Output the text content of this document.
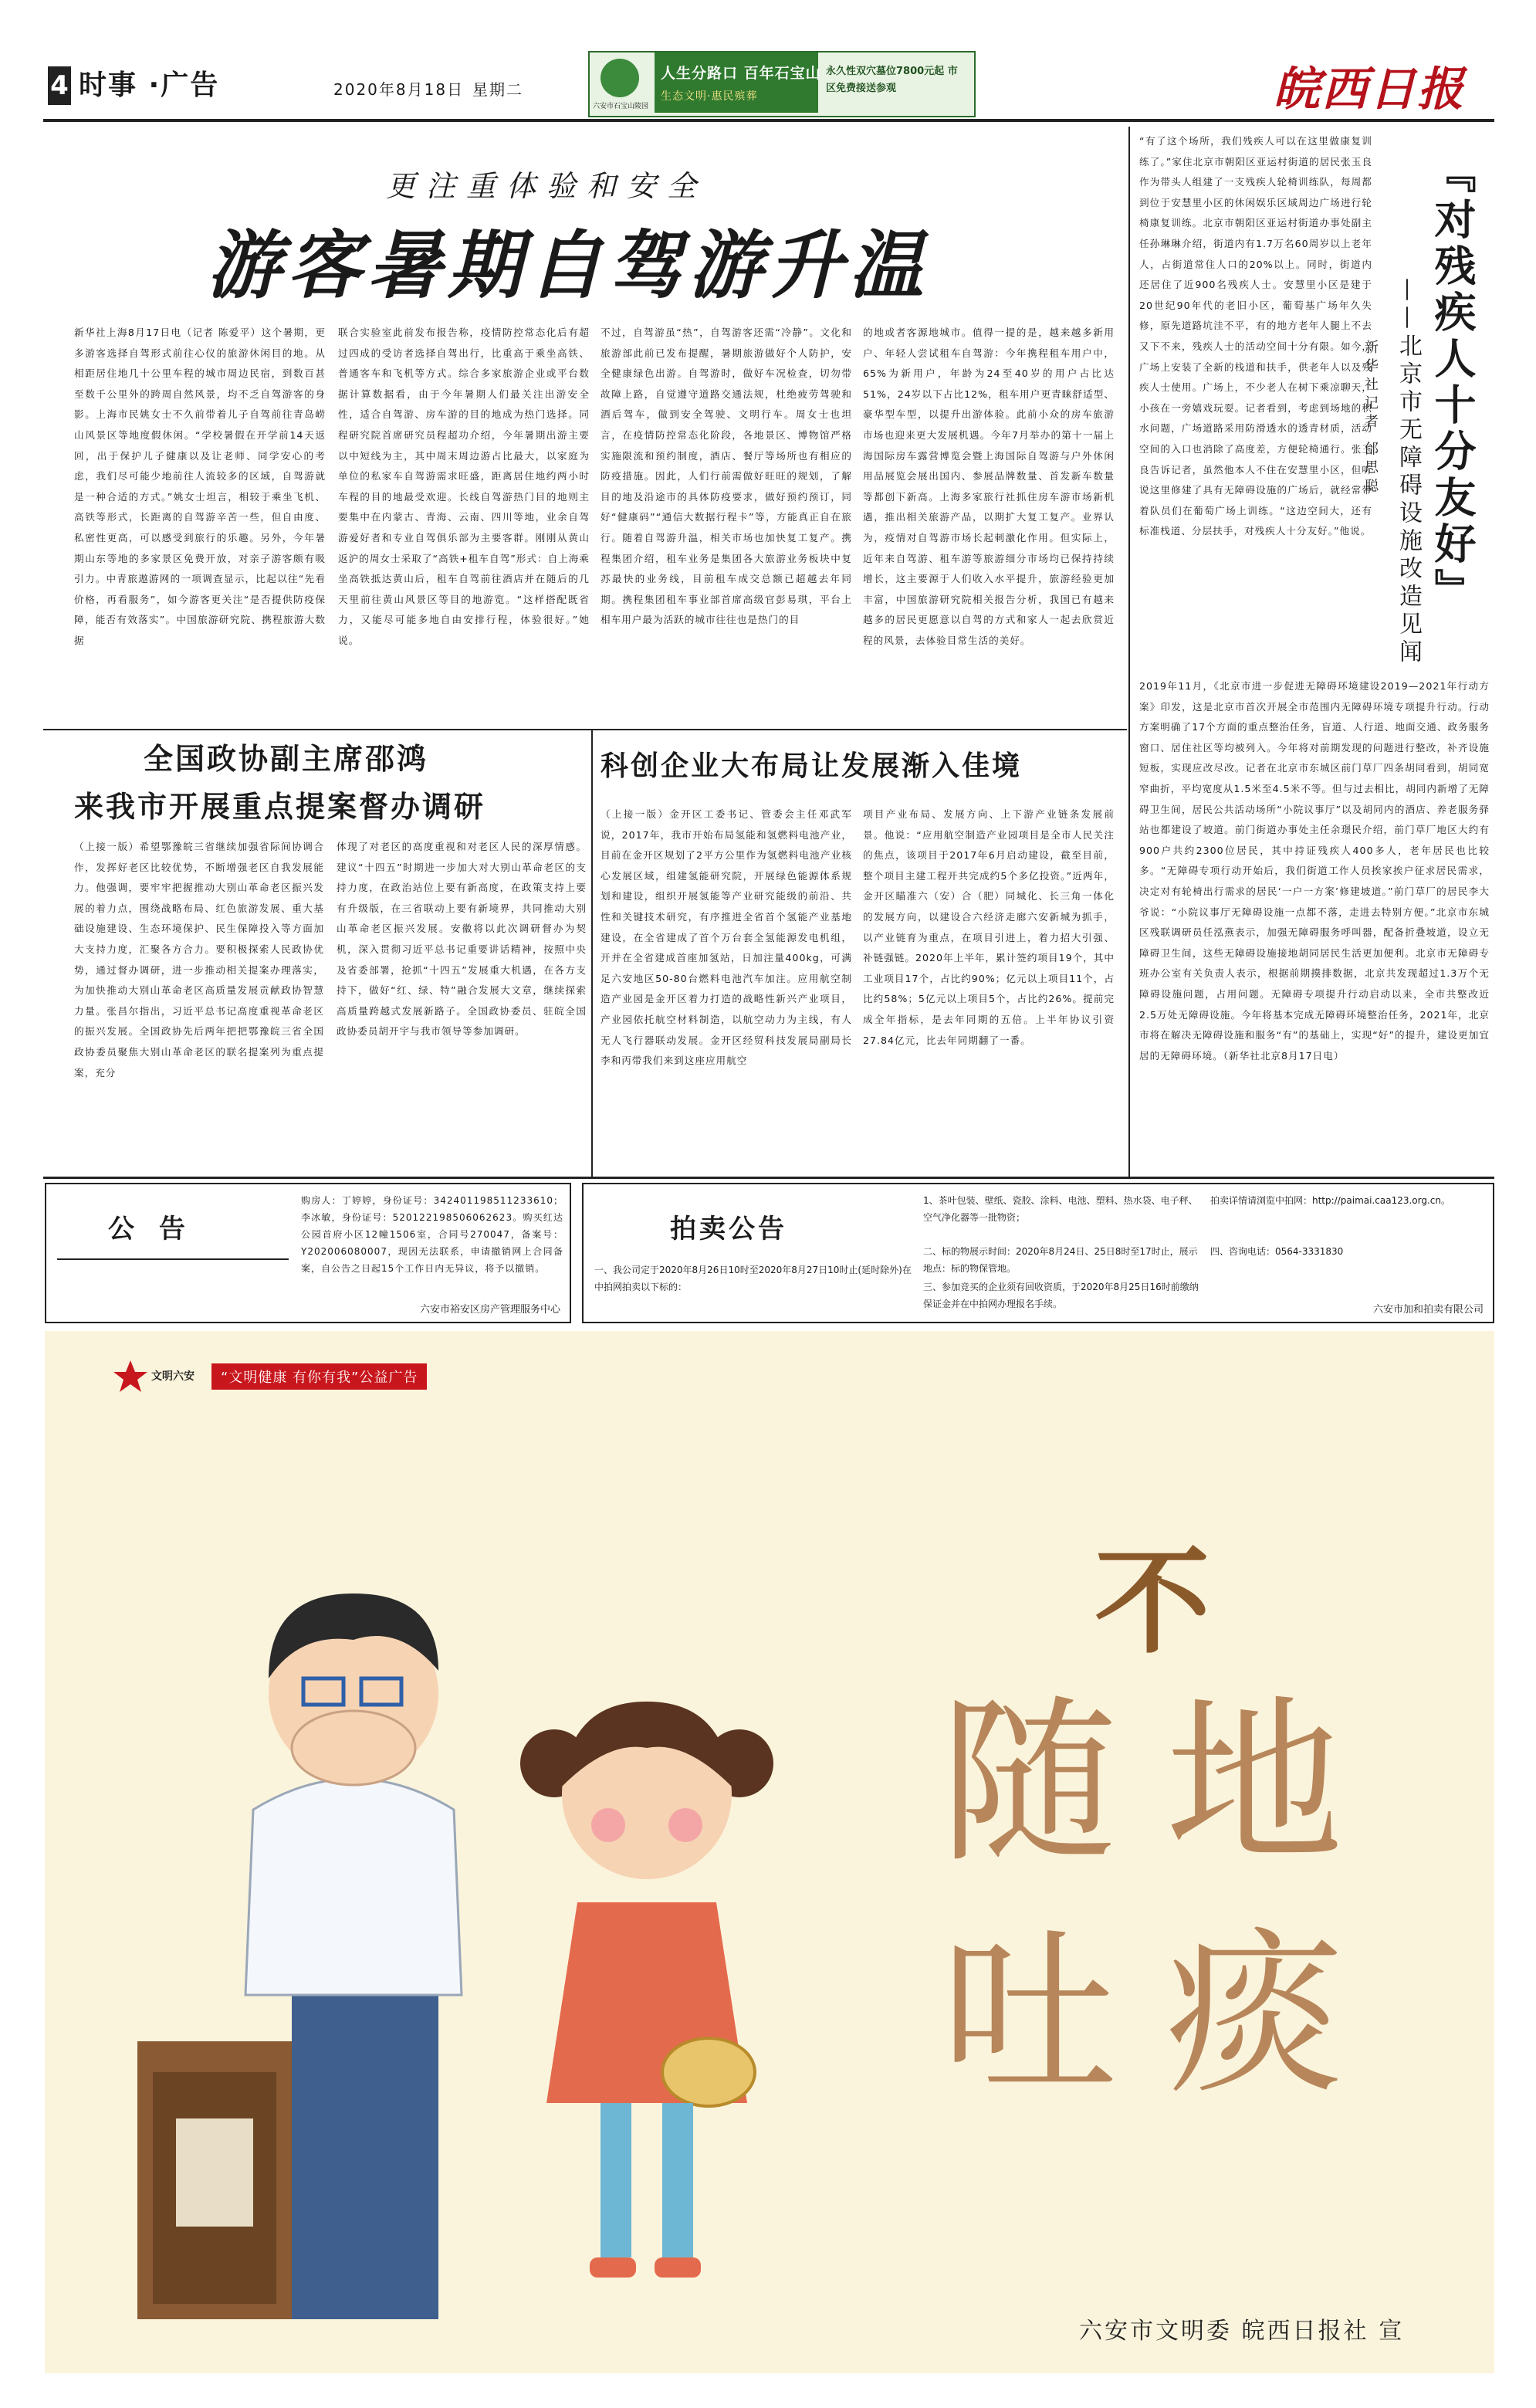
4 时事 ·广告	2020年8月18日 星期二
六安市石宝山陵园
人生分路口 百年石宝山
生态文明·惠民殡葬
永久性双穴墓位7800元起 市区免费接送参观	皖西日报
更注重体验和安全
游客暑期自驾游升温
新华社上海8月17日电（记者 陈爱平）这个暑期，更多游客选择自驾形式前往心仪的旅游休闲目的地。从相距居住地几十公里车程的城市周边民宿，到数百甚至数千公里外的跨周自然风景，均不乏自驾游客的身影。上海市民姚女士不久前带着儿子自驾前往青岛崂山风景区等地度假休闲。“学校暑假在开学前14天返回，出于保护儿子健康以及让老师、同学安心的考虑，我们尽可能少地前往人流较多的区域，自驾游就是一种合适的方式。”姚女士坦言，相较于乘坐飞机、高铁等形式，长距离的自驾游辛苦一些，但自由度、私密性更高，可以感受到旅行的乐趣。另外，今年暑期山东等地的多家景区免费开放，对亲子游客颇有吸引力。中青旅遨游网的一项调查显示，比起以往“先看价格，再看服务”，如今游客更关注“是否提供防疫保障，能否有效落实”。中国旅游研究院、携程旅游大数据
联合实验室此前发布报告称，疫情防控常态化后有超过四成的受访者选择自驾出行，比重高于乘坐高铁、普通客车和飞机等方式。综合多家旅游企业或平台数据计算数据看，由于今年暑期人们最关注出游安全性，适合自驾游、房车游的目的地成为热门选择。同程研究院首席研究员程超功介绍，今年暑期出游主要以中短线为主，其中周末周边游占比最大，以家庭为单位的私家车自驾游需求旺盛，距离居住地约两小时车程的目的地最受欢迎。长线自驾游热门目的地则主要集中在内蒙古、青海、云南、四川等地，业余自驾游爱好者和专业自驾俱乐部为主要客群。刚刚从黄山返沪的周女士采取了“高铁+租车自驾”形式：自上海乘坐高铁抵达黄山后，租车自驾前往酒店并在随后的几天里前往黄山风景区等目的地游览。“这样搭配既省力，又能尽可能多地自由安排行程，体验很好。”她说。
不过，自驾游虽“热”，自驾游客还需“冷静”。文化和旅游部此前已发布提醒，暑期旅游做好个人防护，安全健康绿色出游。自驾游时，做好车况检查，切勿带故障上路，自觉遵守道路交通法规，杜绝疲劳驾驶和酒后驾车，做到安全驾驶、文明行车。周女士也坦言，在疫情防控常态化阶段，各地景区、博物馆严格实施限流和预约制度，酒店、餐厅等场所也有相应的防疫措施。因此，人们行前需做好旺旺的规划，了解目的地及沿途市的具体防疫要求，做好预约预订，同好“健康码”“通信大数据行程卡”等，方能真正自在旅行。随着自驾游升温，相关市场也加快复工复产。携程集团介绍，租车业务是集团各大旅游业务板块中复苏最快的业务线，目前租车成交总额已超越去年同期。携程集团租车事业部首席高级官彭易琪，平台上相车用户最为活跃的城市往往也是热门的目
的地或者客源地城市。值得一提的是，越来越多新用户、年轻人尝试租车自驾游：今年携程租车用户中，65%为新用户，年龄为24至40岁的用户占比达51%，24岁以下占比12%，租车用户更青睐舒适型、豪华型车型，以提升出游体验。此前小众的房车旅游市场也迎来更大发展机遇。今年7月举办的第十一届上海国际房车露营博览会暨上海国际自驾游与户外休闲用品展览会展出国内、参展品牌数量、首发新车数量等都创下新高。上海多家旅行社抓住房车游市场新机遇，推出相关旅游产品，以期扩大复工复产。业界认为，疫情对自驾游市场长起刺激化作用。但实际上，近年来自驾游、租车游等旅游细分市场均已保持持续增长，这主要源于人们收入水平提升，旅游经验更加丰富，中国旅游研究院相关报告分析，我国已有越来越多的居民更愿意以自驾的方式和家人一起去欣赏近程的风景，去体验目常生活的美好。
“有了这个场所，我们残疾人可以在这里做康复训练了。”家住北京市朝阳区亚运村街道的居民张玉良作为带头人组建了一支残疾人轮椅训练队，每周都到位于安慧里小区的休闲娱乐区域周边广场进行轮椅康复训练。北京市朝阳区亚运村街道办事处副主任孙琳琳介绍，街道内有1.7万名60周岁以上老年人，占街道常住人口的20%以上。同时，街道内还居住了近900名残疾人士。安慧里小区是建于20世纪90年代的老旧小区，葡萄基广场年久失修，原先道路坑洼不平，有的地方老年人腿上不去又下不来，残疾人士的活动空间十分有限。如今，广场上安装了全新的栈道和扶手，供老年人以及残疾人士使用。广场上，不少老人在树下乘凉聊天，小孩在一旁嬉戏玩耍。记者看到，考虑到场地的积水问题，广场道路采用防滑透水的透青材质，活动空间的入口也消除了高度差，方便轮椅通行。张玉良告诉记者，虽然他本人不住在安慧里小区，但听说这里修建了具有无障碍设施的广场后，就经常带着队员们在葡萄广场上训练。“这边空间大，还有标准栈道、分层扶手，对残疾人十分友好。”他说。 『对残疾人十分友好』
——北京市无障碍设施改造见闻
新华社记者 邰思聪
2019年11月，《北京市进一步促进无障碍环境建设2019—2021年行动方案》印发，这是北京市首次开展全市范围内无障碍环境专项提升行动。行动方案明确了17个方面的重点整治任务，盲道、人行道、地面交通、政务服务窗口、居住社区等均被列入。今年将对前期发现的问题进行整改，补齐设施短板，实现应改尽改。记者在北京市东城区前门草厂四条胡同看到，胡同宽窄曲折，平均宽度从1.5米至4.5米不等。但与过去相比，胡同内新增了无障碍卫生间，居民公共活动场所“小院议事厅”以及胡同内的酒店、养老服务驿站也都建设了坡道。前门街道办事处主任余璟民介绍，前门草厂地区大约有900户共约2300位居民，其中持证残疾人400多人，老年居民也比较多。“无障碍专项行动开始后，我们街道工作人员挨家挨户征求居民需求，决定对有轮椅出行需求的居民‘一户一方案’修建坡道。”前门草厂的居民李大爷说：“小院议事厅无障碍设施一点都不落，走进去特别方便。”北京市东城区残联调研员任泓燕表示，加强无障碍服务呼叫器，配备折叠坡道，设立无障碍卫生间，这些无障碍设施接地胡同居民生活更加便利。北京市无障碍专班办公室有关负责人表示，根据前期摸排数据，北京共发现超过1.3万个无障碍设施问题，占用问题。无障碍专项提升行动启动以来，全市共整改近2.5万处无障碍设施。今年将基本完成无障碍环境整治任务，2021年，北京市将在解决无障碍设施和服务“有”的基础上，实现“好”的提升，建设更加宜居的无障碍环境。（新华社北京8月17日电）
全国政协副主席邵鸿
来我市开展重点提案督办调研
（上接一版）希望鄂豫皖三省继续加强省际间协调合作，发挥好老区比较优势，不断增强老区自我发展能力。他强调，要牢牢把握推动大别山革命老区振兴发展的着力点，围绕战略布局、红色旅游发展、重大基础设施建设、生态环境保护、民生保障投入等方面加大支持力度，汇聚各方合力。要积极探索人民政协优势，通过督办调研，进一步推动相关提案办理落实，为加快推动大别山革命老区高质量发展贡献政协智慧力量。张昌尔指出，习近平总书记高度重视革命老区的振兴发展。全国政协先后两年把把鄂豫皖三省全国政协委员聚焦大别山革命老区的联名提案列为重点提案，充分
体现了对老区的高度重视和对老区人民的深厚情感。建议“十四五”时期进一步加大对大别山革命老区的支持力度，在政治站位上要有新高度，在政策支持上要有升级版，在三省联动上要有新境界，共同推动大别山革命老区振兴发展。安徽将以此次调研督办为契机，深入贯彻习近平总书记重要讲话精神，按照中央及省委部署，抢抓“十四五”发展重大机遇，在各方支持下，做好“红、绿、特”融合发展大文章，继续探索高质量跨越式发展新路子。全国政协委员、驻皖全国政协委员胡开宇与我市领导等参加调研。
科创企业大布局让发展渐入佳境
（上接一版）金开区工委书记、管委会主任邓武军说，2017年，我市开始布局氢能和氢燃料电池产业，目前在金开区规划了2平方公里作为氢燃料电池产业核心发展区域，组建氢能研究院，开展绿色能源体系规划和建设，组织开展氢能等产业研究能级的前沿、共性和关键技术研究，有序推进全省首个氢能产业基地建设，在全省建成了首个万台套全氢能源发电机组，开并在全省建成首座加氢站，日加注量400kg，可满足六安地区50-80台燃料电池汽车加注。应用航空制造产业园是金开区着力打造的战略性新兴产业项目，产业园依托航空材料制造，以航空动力为主线，有人无人飞行器联动发展。金开区经贸科技发展局副局长李和丙带我们来到这座应用航空
项目产业布局、发展方向、上下游产业链条发展前景。他说：“应用航空制造产业园项目是全市人民关注的焦点，该项目于2017年6月启动建设，截至目前，整个项目主建工程开共完成约5个多亿投资。”近两年，金开区瞄准六（安）合（肥）同城化、长三角一体化的发展方向，以建设合六经济走廊六安新城为抓手，以产业链育为重点，在项目引进上，着力招大引强、补链强链。2020年上半年，累计签约项目19个，其中工业项目17个，占比约90%；亿元以上项目11个，占比约58%；5亿元以上项目5个，占比约26%。提前完成全年指标，是去年同期的五倍。上半年协议引资27.84亿元，比去年同期翻了一番。
公 告
购房人：丁婷婷，身份证号：342401198511233610；李冰敏，身份证号：520122198506062623。购买红达公园首府小区12幢1506室，合同号270047，备案号：Y202006080007，现因无法联系，申请撤销网上合同备案，自公告之日起15个工作日内无异议，将予以撤销。
六安市裕安区房产管理服务中心
拍卖公告
一、我公司定于2020年8月26日10时至2020年8月27日10时止(延时除外)在中拍网拍卖以下标的：
1、茶叶包装、壁纸、瓷胶、涂料、电池、塑料、热水袋、电子秤、空气净化器等一批物资；
二、标的物展示时间：2020年8月24日、25日8时至17时止，展示地点：标的物保管地。
三、参加竞买的企业须有回收资质，于2020年8月25日16时前缴纳保证金并在中拍网办理报名手续。
拍卖详情请浏览中拍网：http://paimai.caa123.org.cn。
四、咨询电话：0564-3331830
六安市加和拍卖有限公司
文明六安	“文明健康 有你有我”公益广告
不
随 地
吐 痰
六安市文明委 皖西日报社 宣
